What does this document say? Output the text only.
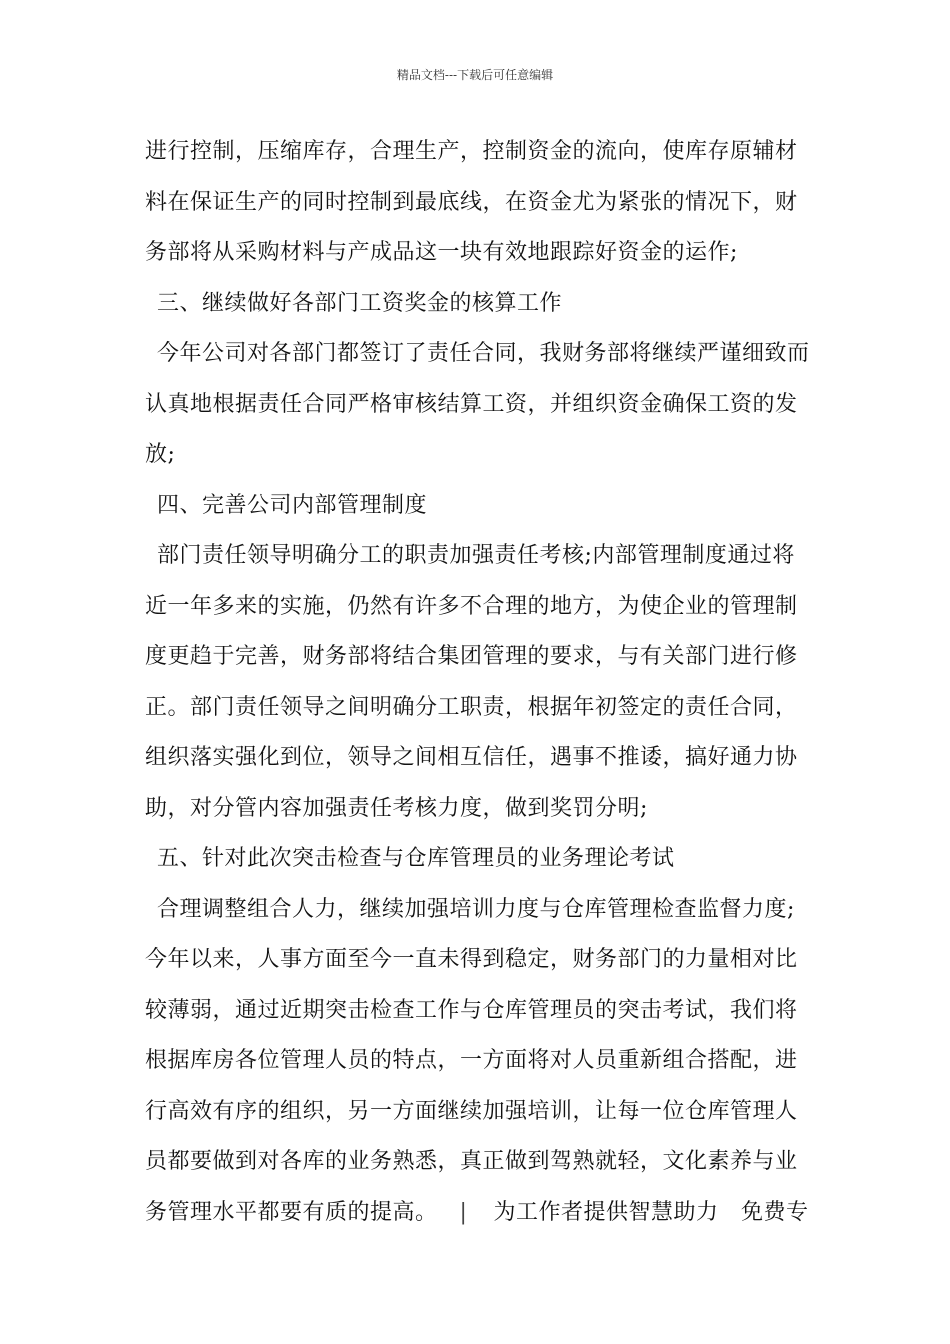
精品文档---下载后可任意编辑
进行控制，压缩库存，合理生产，控制资金的流向，使库存原辅材
料在保证生产的同时控制到最底线，在资金尤为紧张的情况下，财
务部将从采购材料与产成品这一块有效地跟踪好资金的运作;
三、继续做好各部门工资奖金的核算工作
今年公司对各部门都签订了责任合同，我财务部将继续严谨细致而
认真地根据责任合同严格审核结算工资，并组织资金确保工资的发
放;
四、完善公司内部管理制度
部门责任领导明确分工的职责加强责任考核;内部管理制度通过将
近一年多来的实施，仍然有许多不合理的地方，为使企业的管理制
度更趋于完善，财务部将结合集团管理的要求，与有关部门进行修
正。部门责任领导之间明确分工职责，根据年初签定的责任合同，
组织落实强化到位，领导之间相互信任，遇事不推诿，搞好通力协
助，对分管内容加强责任考核力度，做到奖罚分明;
五、针对此次突击检查与仓库管理员的业务理论考试
合理调整组合人力，继续加强培训力度与仓库管理检查监督力度;
今年以来，人事方面至今一直未得到稳定，财务部门的力量相对比
较薄弱，通过近期突击检查工作与仓库管理员的突击考试，我们将
根据库房各位管理人员的特点，一方面将对人员重新组合搭配，进
行高效有序的组织，另一方面继续加强培训，让每一位仓库管理人
员都要做到对各库的业务熟悉，真正做到驾熟就轻，文化素养与业
务管理水平都要有质的提高。 | 为工作者提供智慧助力　免费专
